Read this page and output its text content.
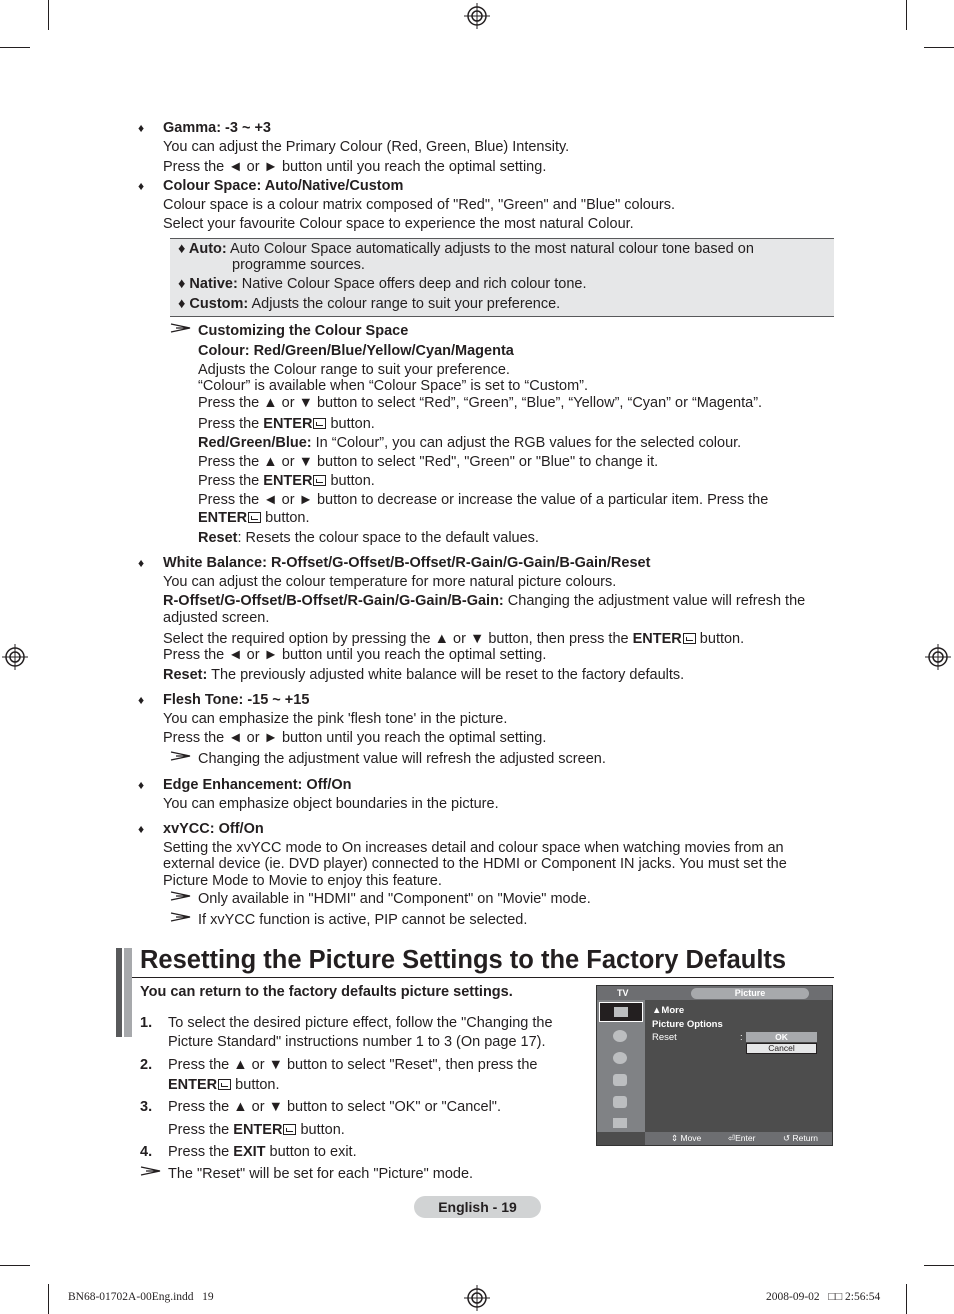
♦ Gamma: -3 ~ +3
You can adjust the Primary Colour (Red, Green, Blue) Intensity.
Press the ◄ or ► button until you reach the optimal setting.
♦ Colour Space: Auto/Native/Custom
Colour space is a colour matrix composed of "Red", "Green" and "Blue" colours.
Select your favourite Colour space to experience the most natural Colour.
♦ Auto: Auto Colour Space automatically adjusts to the most natural colour tone based on
programme sources.
♦ Native: Native Colour Space offers deep and rich colour tone.
♦ Custom: Adjusts the colour range to suit your preference.
Customizing the Colour Space
Colour: Red/Green/Blue/Yellow/Cyan/Magenta
Adjusts the Colour range to suit your preference.
“Colour” is available when “Colour Space” is set to “Custom”.
Press the ▲ or ▼ button to select “Red”, “Green”, “Blue”, “Yellow”, “Cyan” or “Magenta”.
Press the ENTER button.
Red/Green/Blue: In “Colour”, you can adjust the RGB values for the selected colour.
Press the ▲ or ▼ button to select "Red", "Green" or "Blue" to change it.
Press the ENTER button.
Press the ◄ or ► button to decrease or increase the value of a particular item. Press the
ENTER button.
Reset: Resets the colour space to the default values.
♦ White Balance: R-Offset/G-Offset/B-Offset/R-Gain/G-Gain/B-Gain/Reset
You can adjust the colour temperature for more natural picture colours.
R-Offset/G-Offset/B-Offset/R-Gain/G-Gain/B-Gain: Changing the adjustment value will refresh the
adjusted screen.
Select the required option by pressing the ▲ or ▼ button, then press the ENTER button.
Press the ◄ or ► button until you reach the optimal setting.
Reset: The previously adjusted white balance will be reset to the factory defaults.
♦ Flesh Tone: -15 ~ +15
You can emphasize the pink 'flesh tone' in the picture.
Press the ◄ or ► button until you reach the optimal setting.
Changing the adjustment value will refresh the adjusted screen.
♦ Edge Enhancement: Off/On
You can emphasize object boundaries in the picture.
♦ xvYCC: Off/On
Setting the xvYCC mode to On increases detail and colour space when watching movies from an
external device (ie. DVD player) connected to the HDMI or Component IN jacks. You must set the
Picture Mode to Movie to enjoy this feature.
Only available in "HDMI" and "Component" on "Movie" mode.
If xvYCC function is active, PIP cannot be selected.
Resetting the Picture Settings to the Factory Defaults
You can return to the factory defaults picture settings.
1. To select the desired picture effect, follow the "Changing the
Picture Standard" instructions number 1 to 3 (On page 17).
2. Press the ▲ or ▼ button to select "Reset", then press the
ENTER button.
3. Press the ▲ or ▼ button to select "OK" or "Cancel".
Press the ENTER button.
4. Press the EXIT button to exit.
The "Reset" will be set for each "Picture" mode.
TV	Picture
▲More
Picture Options
Reset	:	OK
Cancel
⇕ Move	⏎Enter	↺ Return
English - 19
BN68-01702A-00Eng.indd   19	2008-09-02   □□ 2:56:54
